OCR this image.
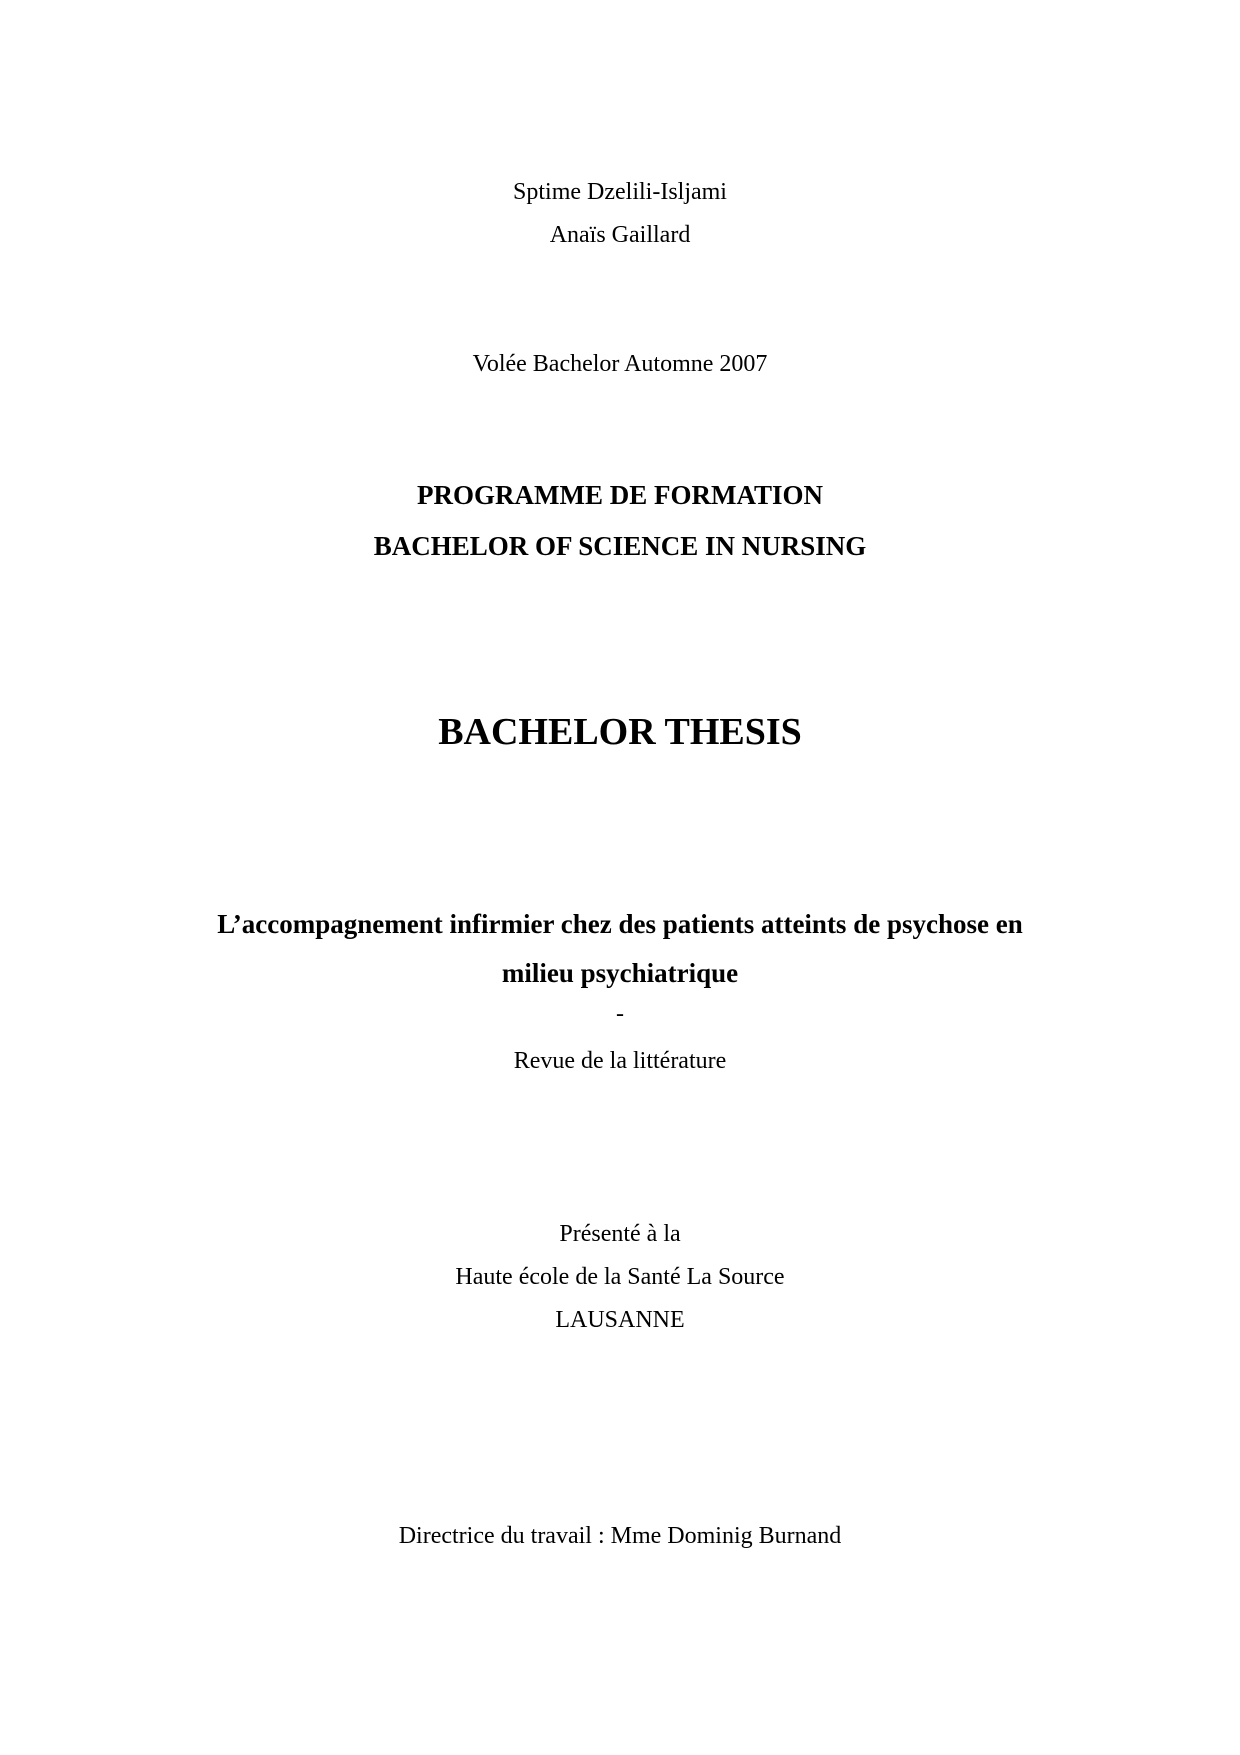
Sptime Dzelili-Isljami
Anaïs Gaillard
Volée Bachelor Automne 2007
PROGRAMME DE FORMATION
BACHELOR OF SCIENCE IN NURSING
BACHELOR THESIS
L’accompagnement infirmier chez des patients atteints de psychose en
milieu psychiatrique
-
Revue de la littérature
Présenté à la
Haute école de la Santé La Source
LAUSANNE
Directrice du travail : Mme Dominig Burnand
